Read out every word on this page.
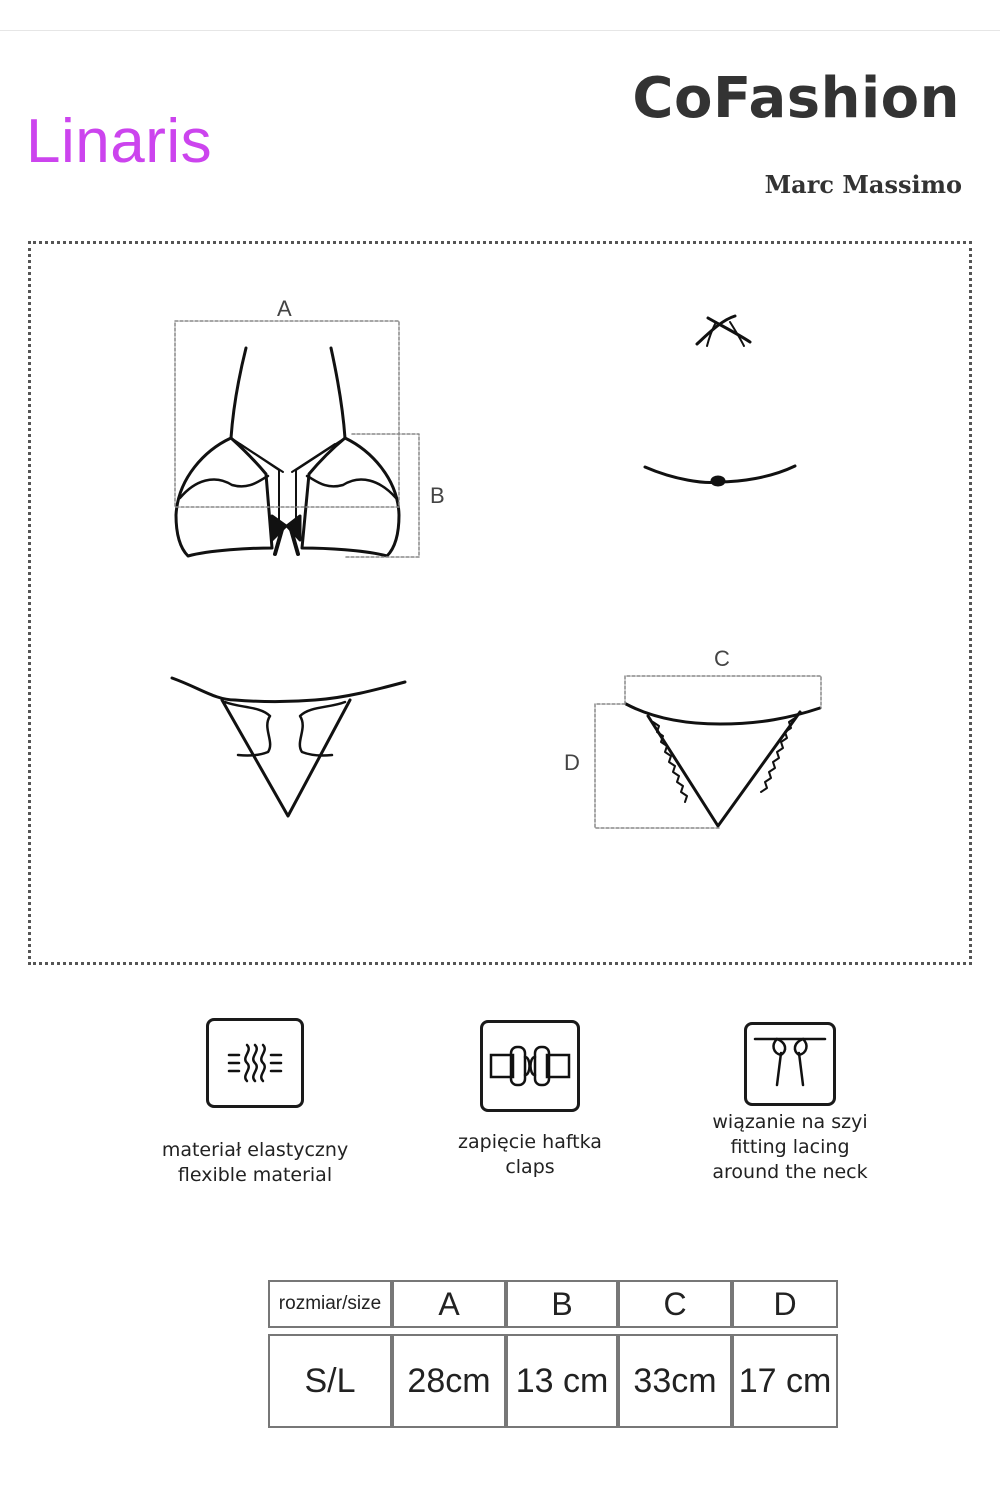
Linaris
CoFashion
Marc Massimo
A
B
C
D
materiał elastyczny
flexible material
zapięcie haftka
claps
wiązanie na szyi
fitting lacing
around the neck
rozmiar/size	A	B	C	D

S/L	28cm	13 cm	33cm	17 cm
